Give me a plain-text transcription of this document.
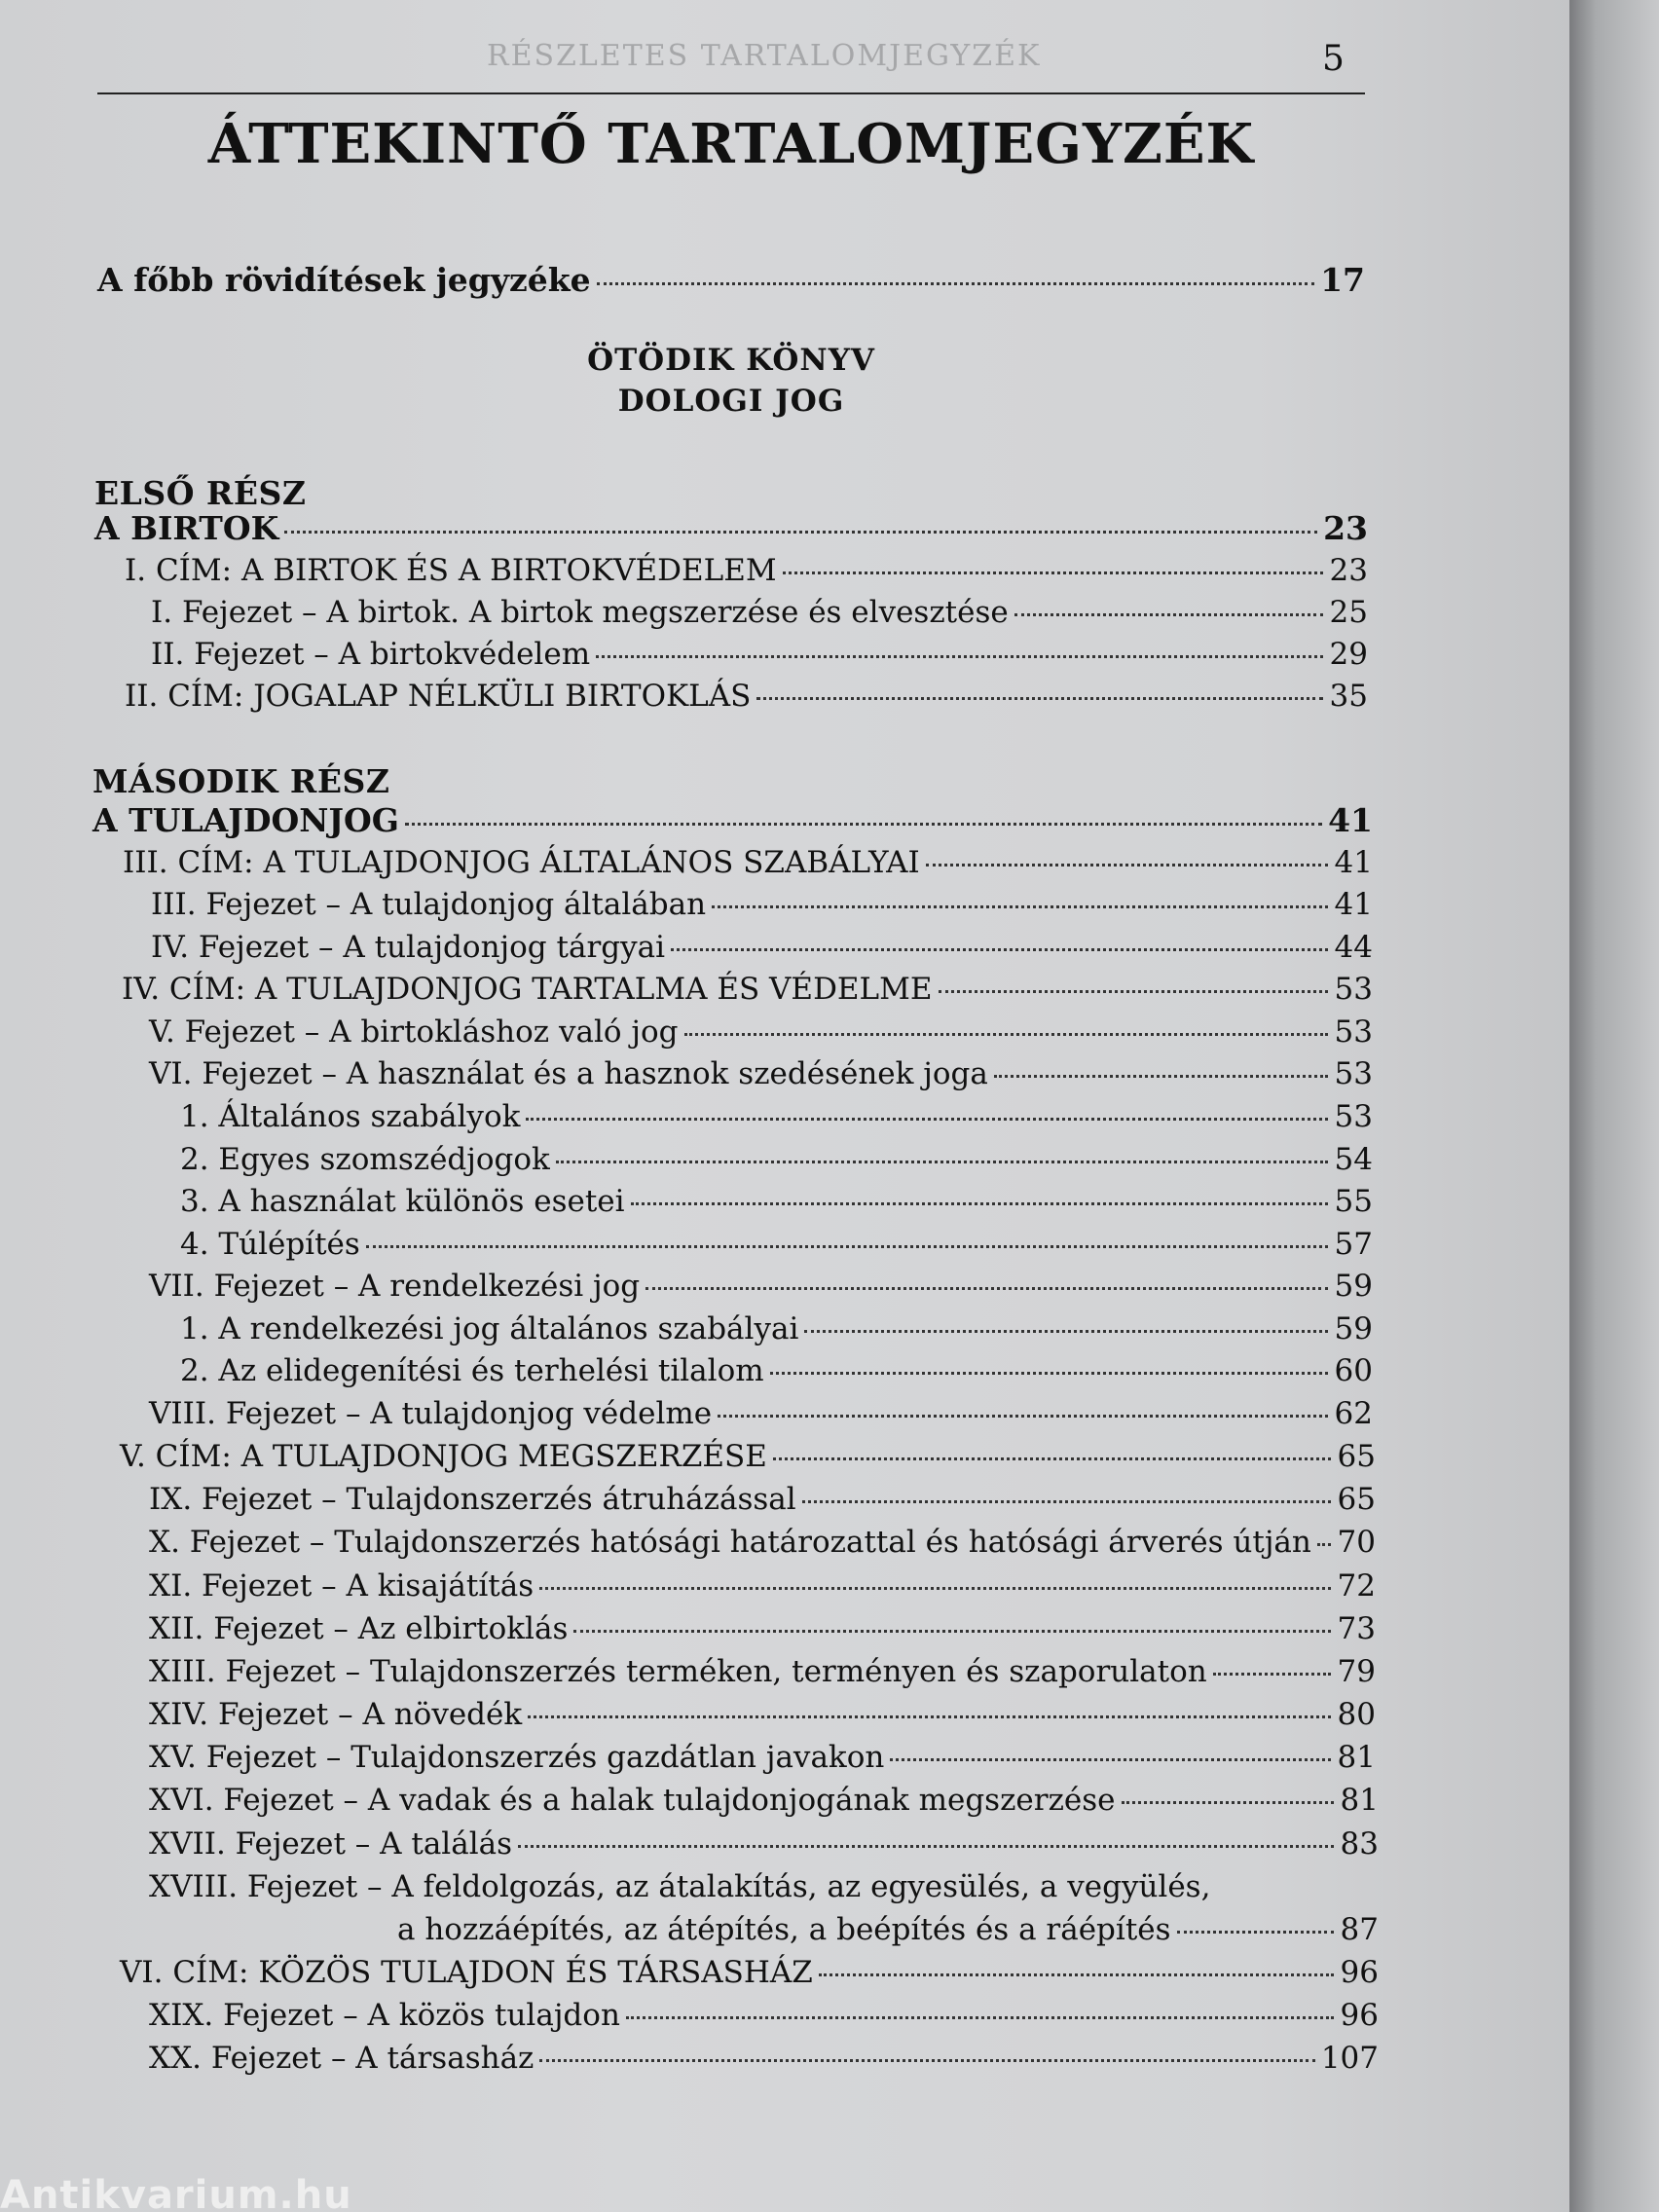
RÉSZLETES TARTALOMJEGYZÉK	5
ÁTTEKINTŐ TARTALOMJEGYZÉK
A főbb rövidítések jegyzéke	17
ÖTÖDIK KÖNYV
DOLOGI JOG
ELSŐ RÉSZ
A BIRTOK	23
I. CÍM: A BIRTOK ÉS A BIRTOKVÉDELEM	23
I. Fejezet – A birtok. A birtok megszerzése és elvesztése	25
II. Fejezet – A birtokvédelem	29
II. CÍM: JOGALAP NÉLKÜLI BIRTOKLÁS	35
MÁSODIK RÉSZ
A TULAJDONJOG	41
III. CÍM: A TULAJDONJOG ÁLTALÁNOS SZABÁLYAI	41
III. Fejezet – A tulajdonjog általában	41
IV. Fejezet – A tulajdonjog tárgyai	44
IV. CÍM: A TULAJDONJOG TARTALMA ÉS VÉDELME	53
V. Fejezet – A birtokláshoz való jog	53
VI. Fejezet – A használat és a hasznok szedésének joga	53
1. Általános szabályok	53
2. Egyes szomszédjogok	54
3. A használat különös esetei	55
4. Túlépítés	57
VII. Fejezet – A rendelkezési jog	59
1. A rendelkezési jog általános szabályai	59
2. Az elidegenítési és terhelési tilalom	60
VIII. Fejezet – A tulajdonjog védelme	62
V. CÍM: A TULAJDONJOG MEGSZERZÉSE	65
IX. Fejezet – Tulajdonszerzés átruházással	65
X. Fejezet – Tulajdonszerzés hatósági határozattal és hatósági árverés útján 70
XI. Fejezet – A kisajátítás	72
XII. Fejezet – Az elbirtoklás	73
XIII. Fejezet – Tulajdonszerzés terméken, terményen és szaporulaton	79
XIV. Fejezet – A növedék	80
XV. Fejezet – Tulajdonszerzés gazdátlan javakon	81
XVI. Fejezet – A vadak és a halak tulajdonjogának megszerzése	81
XVII. Fejezet – A találás	83
XVIII. Fejezet – A feldolgozás, az átalakítás, az egyesülés, a vegyülés,
a hozzáépítés, az átépítés, a beépítés és a ráépítés	87
VI. CÍM: KÖZÖS TULAJDON ÉS TÁRSASHÁZ	96
XIX. Fejezet – A közös tulajdon	96
XX. Fejezet – A társasház	107
Antikvarium.hu
